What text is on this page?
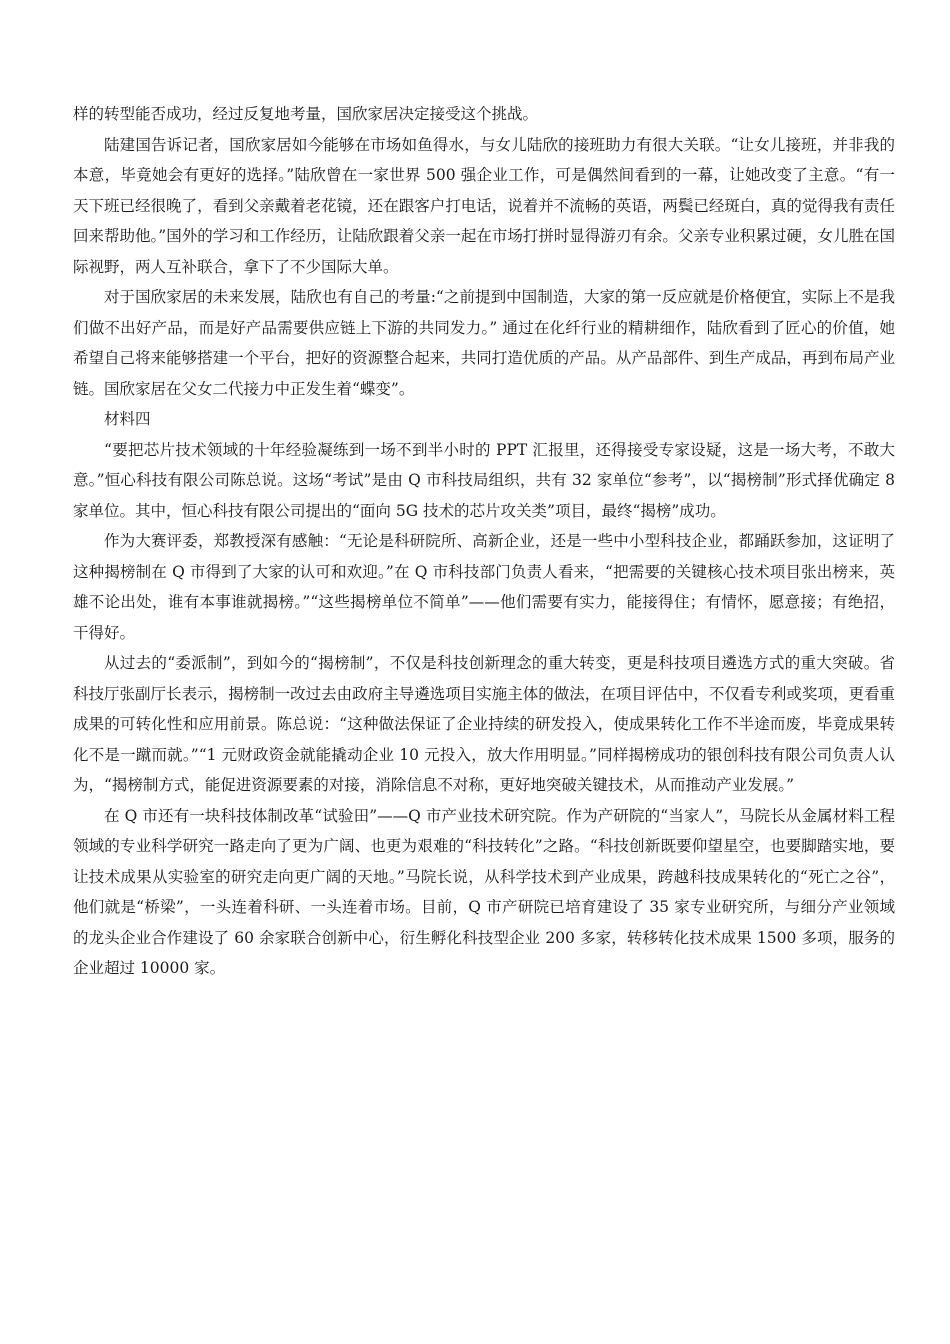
样的转型能否成功，经过反复地考量，国欣家居决定接受这个挑战。

陆建国告诉记者，国欣家居如今能够在市场如鱼得水，与女儿陆欣的接班助力有很大关联。“让女儿接班，并非我的本意，毕竟她会有更好的选择。”陆欣曾在一家世界 500 强企业工作，可是偶然间看到的一幕，让她改变了主意。“有一天下班已经很晚了，看到父亲戴着老花镜，还在跟客户打电话，说着并不流畅的英语，两鬓已经斑白，真的觉得我有责任回来帮助他。”国外的学习和工作经历，让陆欣跟着父亲一起在市场打拼时显得游刃有余。父亲专业积累过硬，女儿胜在国际视野，两人互补联合，拿下了不少国际大单。

对于国欣家居的未来发展，陆欣也有自己的考量:“之前提到中国制造，大家的第一反应就是价格便宜，实际上不是我们做不出好产品，而是好产品需要供应链上下游的共同发力。” 通过在化纤行业的精耕细作，陆欣看到了匠心的价值，她希望自己将来能够搭建一个平台，把好的资源整合起来，共同打造优质的产品。从产品部件、到生产成品，再到布局产业链。国欣家居在父女二代接力中正发生着“蝶变”。

材料四

“要把芯片技术领域的十年经验凝练到一场不到半小时的 PPT 汇报里，还得接受专家设疑，这是一场大考，不敢大意。”恒心科技有限公司陈总说。这场“考试”是由 Q 市科技局组织，共有 32 家单位“参考”，以“揭榜制”形式择优确定 8 家单位。其中，恒心科技有限公司提出的“面向 5G 技术的芯片攻关类”项目，最终“揭榜”成功。

作为大赛评委，郑教授深有感触：“无论是科研院所、高新企业，还是一些中小型科技企业，都踊跃参加，这证明了这种揭榜制在 Q 市得到了大家的认可和欢迎。”在 Q 市科技部门负责人看来，“把需要的关键核心技术项目张出榜来，英雄不论出处，谁有本事谁就揭榜。”“这些揭榜单位不简单”——他们需要有实力，能接得住；有情怀，愿意接；有绝招，干得好。

从过去的“委派制”，到如今的“揭榜制”，不仅是科技创新理念的重大转变，更是科技项目遴选方式的重大突破。省科技厅张副厅长表示，揭榜制一改过去由政府主导遴选项目实施主体的做法，在项目评估中，不仅看专利或奖项，更看重成果的可转化性和应用前景。陈总说：“这种做法保证了企业持续的研发投入，使成果转化工作不半途而废，毕竟成果转化不是一蹴而就。”“1 元财政资金就能撬动企业 10 元投入，放大作用明显。”同样揭榜成功的银创科技有限公司负责人认为，“揭榜制方式，能促进资源要素的对接，消除信息不对称，更好地突破关键技术，从而推动产业发展。”

在 Q 市还有一块科技体制改革“试验田”——Q 市产业技术研究院。作为产研院的“当家人”，马院长从金属材料工程领域的专业科学研究一路走向了更为广阔、也更为艰难的“科技转化”之路。“科技创新既要仰望星空，也要脚踏实地，要让技术成果从实验室的研究走向更广阔的天地。”马院长说，从科学技术到产业成果，跨越科技成果转化的“死亡之谷”，他们就是“桥梁”，一头连着科研、一头连着市场。目前，Q 市产研院已培育建设了 35 家专业研究所，与细分产业领域的龙头企业合作建设了 60 余家联合创新中心，衍生孵化科技型企业 200 多家，转移转化技术成果 1500 多项，服务的企业超过 10000 家。
